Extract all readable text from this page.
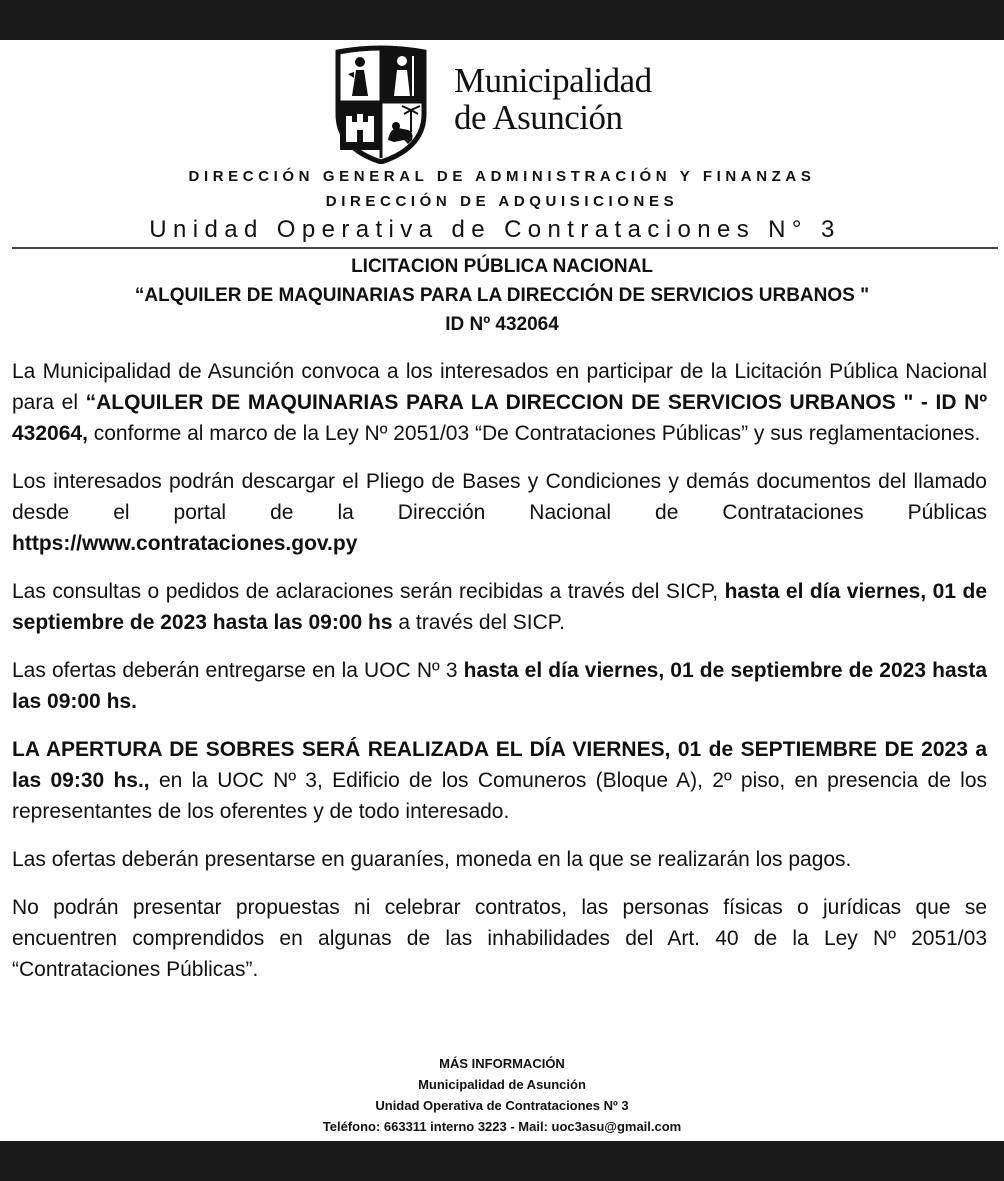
Municipalidad
de Asunción
DIRECCIÓN GENERAL DE ADMINISTRACIÓN Y FINANZAS
DIRECCIÓN DE ADQUISICIONES
Unidad Operativa de Contrataciones N° 3
LICITACION PÚBLICA NACIONAL
“ALQUILER DE MAQUINARIAS PARA LA DIRECCIÓN DE SERVICIOS URBANOS "
ID Nº 432064

La Municipalidad de Asunción convoca a los interesados en participar de la Licitación Pública Nacional para el “ALQUILER DE MAQUINARIAS PARA LA DIRECCION DE SERVICIOS URBANOS " - ID Nº 432064, conforme al marco de la Ley Nº 2051/03 “De Contrataciones Públicas” y sus reglamentaciones.

Los interesados podrán descargar el Pliego de Bases y Condiciones y demás documentos del llamado desde el portal de la Dirección Nacional de Contrataciones Públicas https://www.contrataciones.gov.py

Las consultas o pedidos de aclaraciones serán recibidas a través del SICP, hasta el día viernes, 01 de septiembre de 2023 hasta las 09:00 hs a través del SICP.

Las ofertas deberán entregarse en la UOC Nº 3 hasta el día viernes, 01 de septiembre de 2023 hasta las 09:00 hs.

LA APERTURA DE SOBRES SERÁ REALIZADA EL DÍA VIERNES, 01 de SEPTIEMBRE DE 2023 a las 09:30 hs., en la UOC Nº 3, Edificio de los Comuneros (Bloque A), 2º piso, en presencia de los representantes de los oferentes y de todo interesado.

Las ofertas deberán presentarse en guaraníes, moneda en la que se realizarán los pagos.

No podrán presentar propuestas ni celebrar contratos, las personas físicas o jurídicas que se encuentren comprendidos en algunas de las inhabilidades del Art. 40 de la Ley Nº 2051/03 “Contrataciones Públicas”.

MÁS INFORMACIÓN
Municipalidad de Asunción
Unidad Operativa de Contrataciones Nº 3
Teléfono: 663311 interno 3223 - Mail: uoc3asu@gmail.com
